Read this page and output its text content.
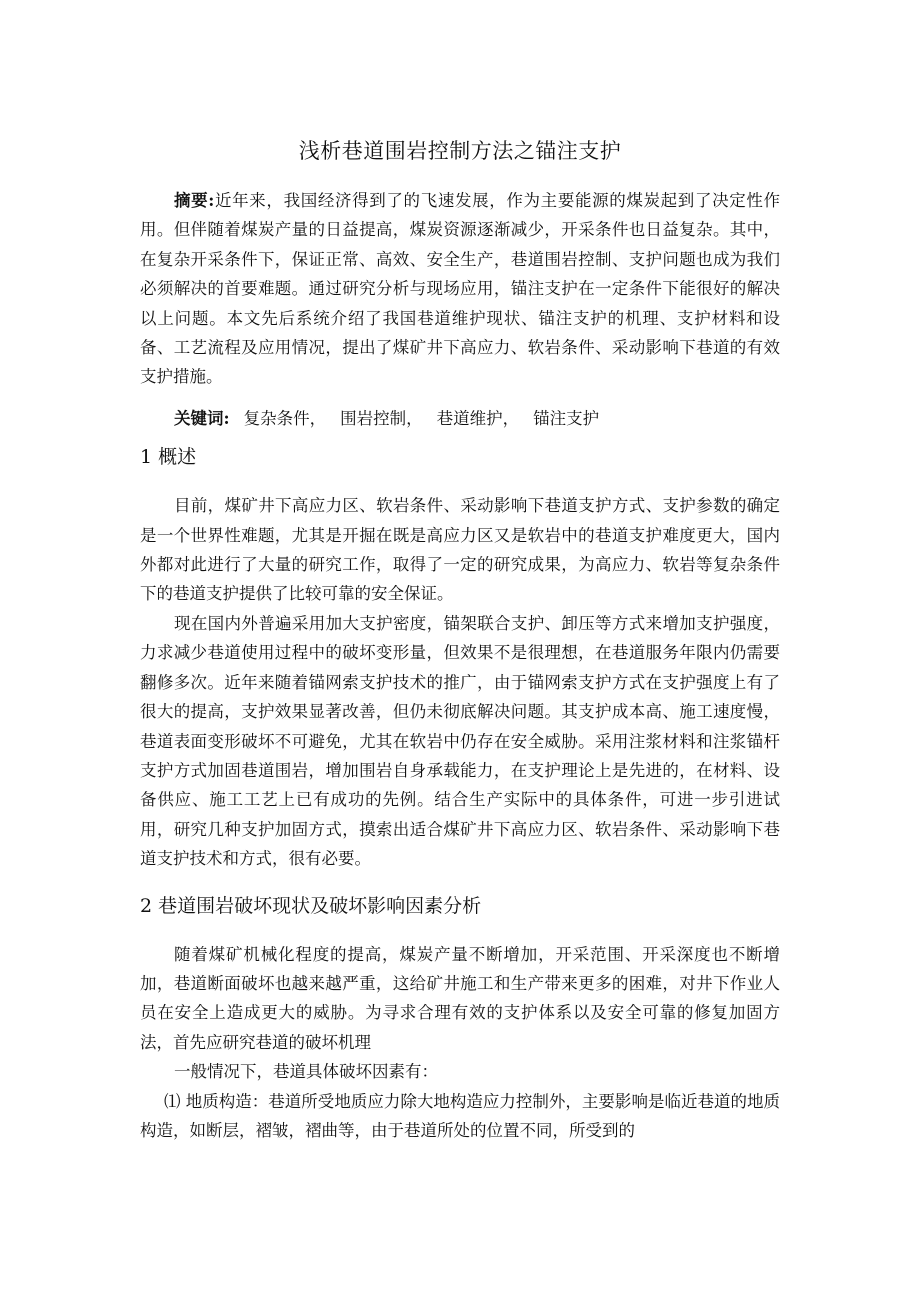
浅析巷道围岩控制方法之锚注支护

摘要:近年来，我国经济得到了的飞速发展，作为主要能源的煤炭起到了决定性作用。但伴随着煤炭产量的日益提高，煤炭资源逐渐减少，开采条件也日益复杂。其中，在复杂开采条件下，保证正常、高效、安全生产，巷道围岩控制、支护问题也成为我们必须解决的首要难题。通过研究分析与现场应用，锚注支护在一定条件下能很好的解决以上问题。本文先后系统介绍了我国巷道维护现状、锚注支护的机理、支护材料和设备、工艺流程及应用情况，提出了煤矿井下高应力、软岩条件、采动影响下巷道的有效支护措施。

关键词: 复杂条件， 围岩控制， 巷道维护， 锚注支护

1 概述

目前，煤矿井下高应力区、软岩条件、采动影响下巷道支护方式、支护参数的确定是一个世界性难题，尤其是开掘在既是高应力区又是软岩中的巷道支护难度更大，国内外都对此进行了大量的研究工作，取得了一定的研究成果，为高应力、软岩等复杂条件下的巷道支护提供了比较可靠的安全保证。

现在国内外普遍采用加大支护密度，锚架联合支护、卸压等方式来增加支护强度，力求减少巷道使用过程中的破坏变形量，但效果不是很理想，在巷道服务年限内仍需要翻修多次。近年来随着锚网索支护技术的推广，由于锚网索支护方式在支护强度上有了很大的提高，支护效果显著改善，但仍未彻底解决问题。其支护成本高、施工速度慢，巷道表面变形破坏不可避免，尤其在软岩中仍存在安全威胁。采用注浆材料和注浆锚杆支护方式加固巷道围岩，增加围岩自身承载能力，在支护理论上是先进的，在材料、设备供应、施工工艺上已有成功的先例。结合生产实际中的具体条件，可进一步引进试用，研究几种支护加固方式，摸索出适合煤矿井下高应力区、软岩条件、采动影响下巷道支护技术和方式，很有必要。

2 巷道围岩破坏现状及破坏影响因素分析

随着煤矿机械化程度的提高，煤炭产量不断增加，开采范围、开采深度也不断增加，巷道断面破坏也越来越严重，这给矿井施工和生产带来更多的困难，对井下作业人员在安全上造成更大的威胁。为寻求合理有效的支护体系以及安全可靠的修复加固方法，首先应研究巷道的破坏机理

一般情况下，巷道具体破坏因素有：

⑴ 地质构造：巷道所受地质应力除大地构造应力控制外，主要影响是临近巷道的地质构造，如断层，褶皱，褶曲等，由于巷道所处的位置不同，所受到的
